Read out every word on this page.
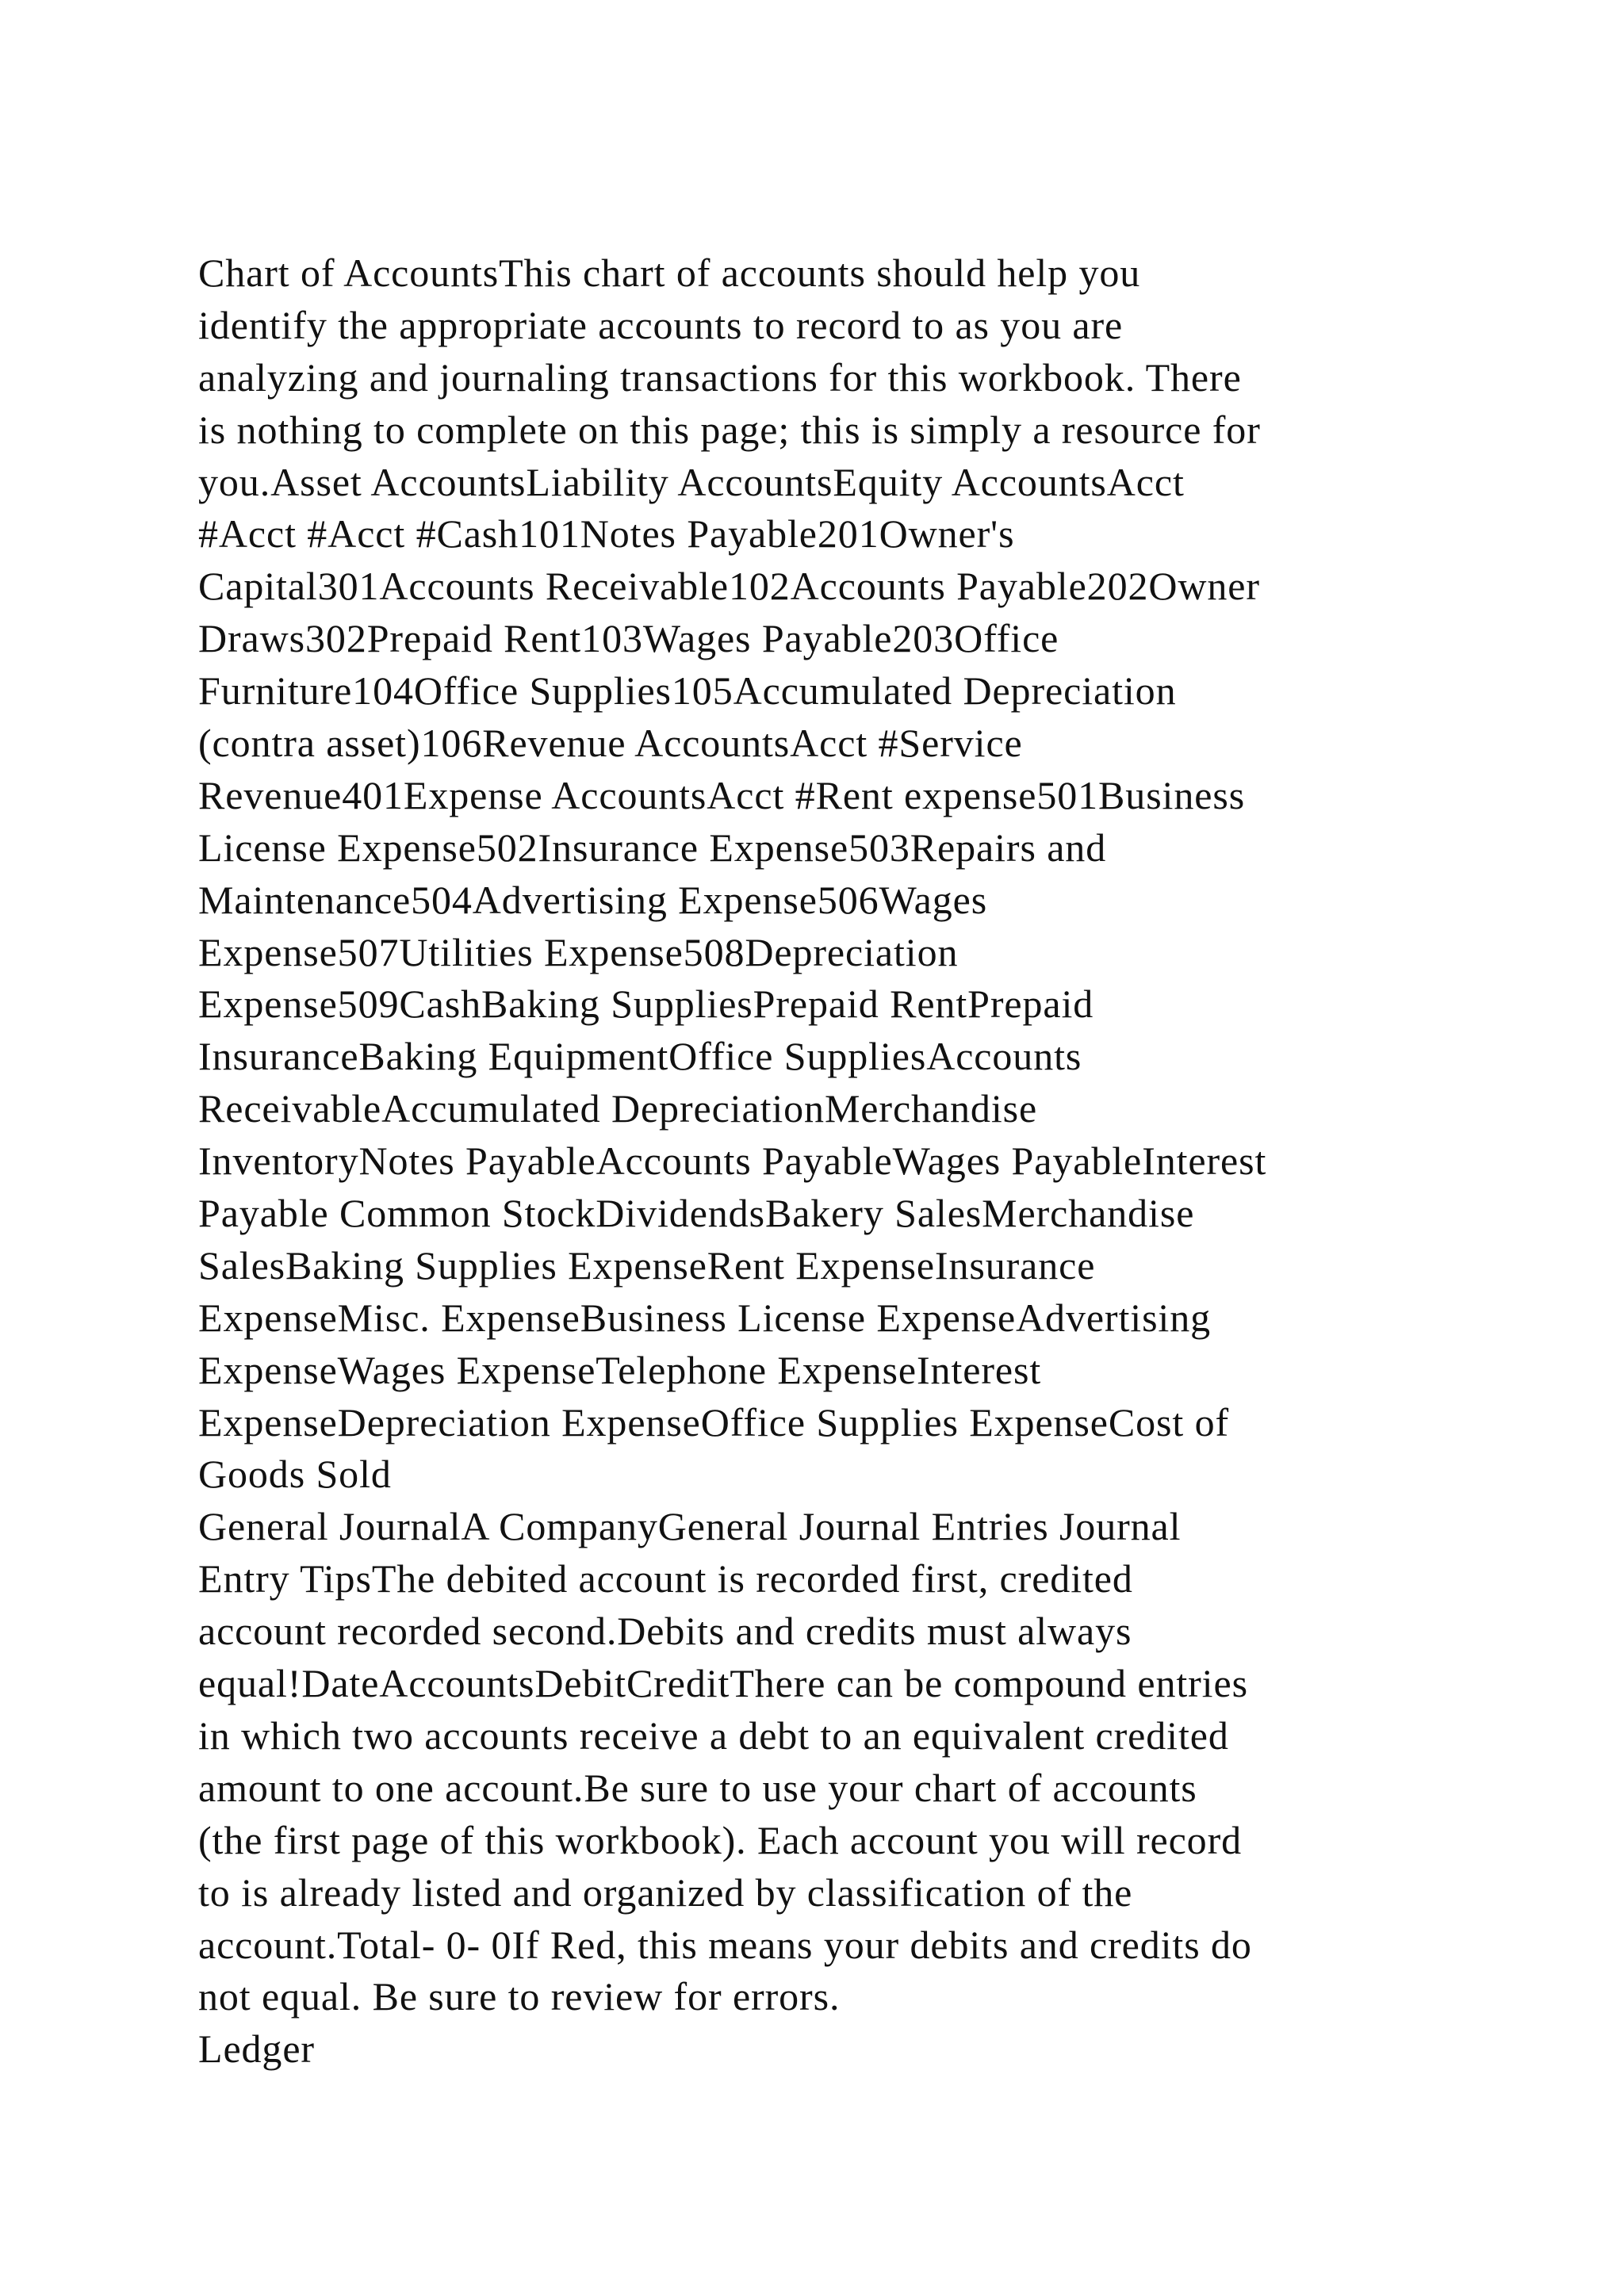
Chart of AccountsThis chart of accounts should help you
identify the appropriate accounts to record to as you are
analyzing and journaling transactions for this workbook. There
is nothing to complete on this page; this is simply a resource for
you.Asset AccountsLiability AccountsEquity AccountsAcct
#Acct #Acct #Cash101Notes Payable201Owner's
Capital301Accounts Receivable102Accounts Payable202Owner
Draws302Prepaid Rent103Wages Payable203Office
Furniture104Office Supplies105Accumulated Depreciation
(contra asset)106Revenue AccountsAcct #Service
Revenue401Expense AccountsAcct #Rent expense501Business
License Expense502Insurance Expense503Repairs and
Maintenance504Advertising Expense506Wages
Expense507Utilities Expense508Depreciation
Expense509CashBaking SuppliesPrepaid RentPrepaid
InsuranceBaking EquipmentOffice SuppliesAccounts
ReceivableAccumulated DepreciationMerchandise
InventoryNotes PayableAccounts PayableWages PayableInterest
Payable Common StockDividendsBakery SalesMerchandise
SalesBaking Supplies ExpenseRent ExpenseInsurance
ExpenseMisc. ExpenseBusiness License ExpenseAdvertising
ExpenseWages ExpenseTelephone ExpenseInterest
ExpenseDepreciation ExpenseOffice Supplies ExpenseCost of
Goods Sold
General JournalA CompanyGeneral Journal Entries Journal
Entry TipsThe debited account is recorded first, credited
account recorded second.Debits and credits must always
equal!DateAccountsDebitCreditThere can be compound entries
in which two accounts receive a debt to an equivalent credited
amount to one account.Be sure to use your chart of accounts
(the first page of this workbook). Each account you will record
to is already listed and organized by classification of the
account.Total- 0- 0If Red, this means your debits and credits do
not equal. Be sure to review for errors.
Ledger
